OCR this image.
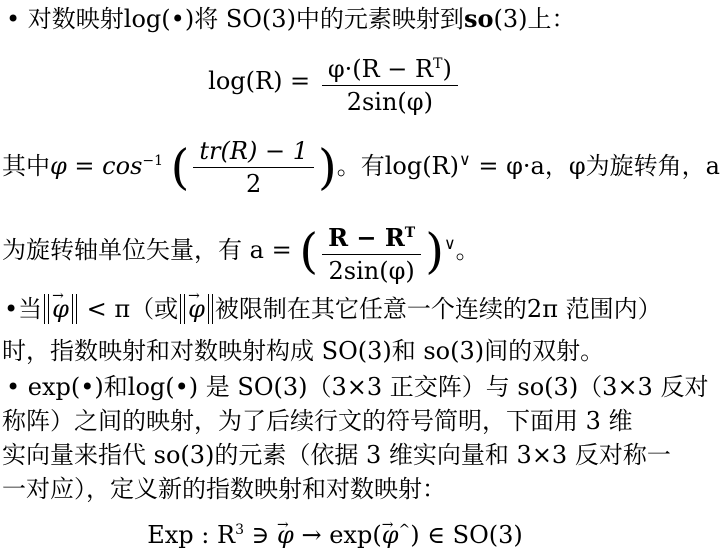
• 对数映射log(•)将 SO(3)中的元素映射到so(3)上：
$\log(R) = \frac{\varphi\cdot(R - R^T)}{2\sin(\varphi)}$
其中$\varphi = \cos^{-1}$ ( $\frac{tr(R) - 1}{2}$ )。有log(R)∨ = φ·a，φ为旋转角，a
为旋转轴单位矢量，有 a = ( $\frac{R - R^T}{2\sin(\varphi)} )^\vee$。
•当 → φ < π（或 → φ 被限制在其它任意一个连续的2π 范围内）
时，指数映射和对数映射构成 SO(3)和 so(3)间的双射。
• exp(•)和log(•) 是 SO(3)（3×3 正交阵）与 so(3)（3×3 反对
称阵）之间的映射，为了后续行文的符号简明，下面用 3 维
实向量来指代 so(3)的元素（依据 3 维实向量和 3×3 反对称一
一对应），定义新的指数映射和对数映射：
Exp : $R^3$ ∋ → φ → exp(→ φ^) ∈ SO(3)
